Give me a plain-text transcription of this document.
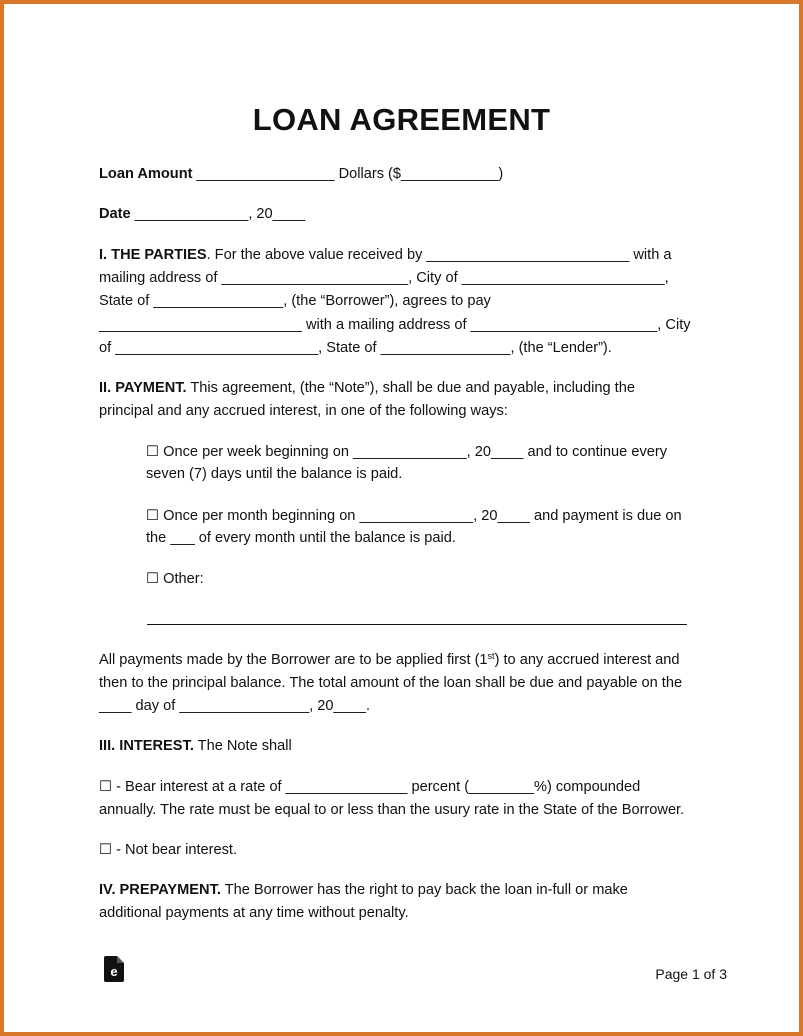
LOAN AGREEMENT
Loan Amount _________________ Dollars ($____________)
Date ______________, 20____
I. THE PARTIES. For the above value received by _________________________ with a
mailing address of _______________________, City of _________________________,
State of ________________, (the “Borrower”), agrees to pay
_________________________ with a mailing address of _______________________, City
of _________________________, State of ________________, (the “Lender”).
II. PAYMENT. This agreement, (the “Note”), shall be due and payable, including the
principal and any accrued interest, in one of the following ways:
☐ Once per week beginning on ______________, 20____ and to continue every
seven (7) days until the balance is paid.
☐ Once per month beginning on ______________, 20____ and payment is due on
the ___ of every month until the balance is paid.
☐ Other:
All payments made by the Borrower are to be applied first (1st) to any accrued interest and
then to the principal balance. The total amount of the loan shall be due and payable on the
____ day of ________________, 20____.
III. INTEREST. The Note shall
☐ - Bear interest at a rate of _______________ percent (________%) compounded
annually. The rate must be equal to or less than the usury rate in the State of the Borrower.
☐ - Not bear interest.
IV. PREPAYMENT. The Borrower has the right to pay back the loan in-full or make
additional payments at any time without penalty.
e	Page 1 of 3
